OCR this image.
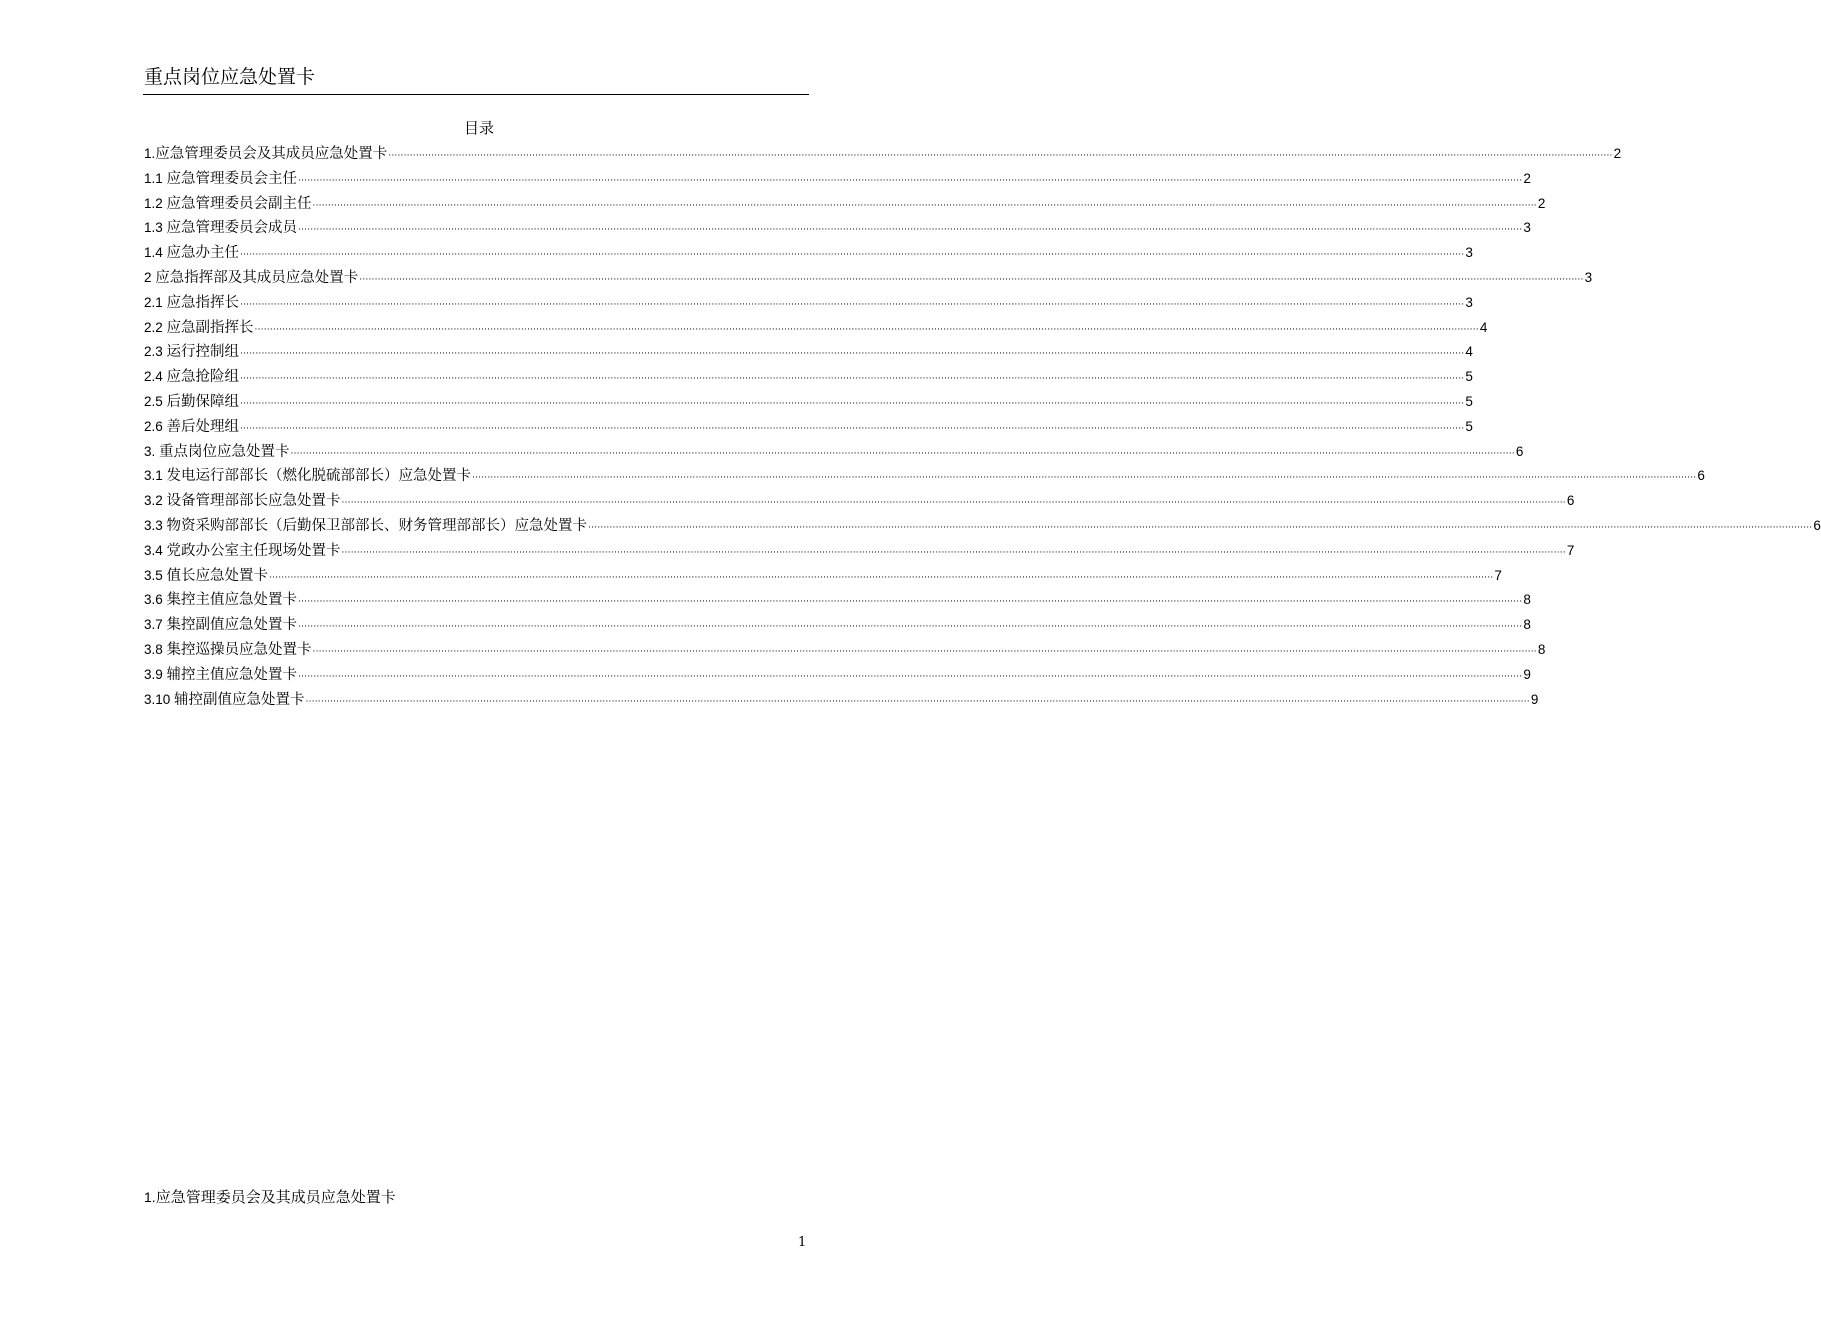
重点岗位应急处置卡
目录
1.应急管理委员会及其成员应急处置卡 ················································································································································································································································································································································································································ 2
1.1 应急管理委员会主任 ················································································································································································································································································································································································································ 2
1.2 应急管理委员会副主任 ················································································································································································································································································································································································································ 2
1.3 应急管理委员会成员 ················································································································································································································································································································································································································ 3
1.4 应急办主任 ················································································································································································································································································································································································································ 3
2 应急指挥部及其成员应急处置卡 ················································································································································································································································································································································································································ 3
2.1 应急指挥长 ················································································································································································································································································································································································································ 3
2.2 应急副指挥长 ················································································································································································································································································································································································································ 4
2.3 运行控制组 ················································································································································································································································································································································································································ 4
2.4 应急抢险组 ················································································································································································································································································································································································································ 5
2.5 后勤保障组 ················································································································································································································································································································································································································ 5
2.6 善后处理组 ················································································································································································································································································································································································································ 5
3. 重点岗位应急处置卡 ················································································································································································································································································································································································································ 6
3.1 发电运行部部长（燃化脱硫部部长）应急处置卡 ················································································································································································································································································································································································································ 6
3.2 设备管理部部长应急处置卡 ················································································································································································································································································································································································································ 6
3.3 物资采购部部长（后勤保卫部部长、财务管理部部长）应急处置卡 ················································································································································································································································································································································································································ 6
3.4 党政办公室主任现场处置卡 ················································································································································································································································································································································································································ 7
3.5 值长应急处置卡 ················································································································································································································································································································································································································ 7
3.6 集控主值应急处置卡 ················································································································································································································································································································································································································ 8
3.7 集控副值应急处置卡 ················································································································································································································································································································································································································ 8
3.8 集控巡操员应急处置卡 ················································································································································································································································································································································································································ 8
3.9 辅控主值应急处置卡 ················································································································································································································································································································································································································ 9
3.10 辅控副值应急处置卡 ················································································································································································································································································································································································································ 9
1.应急管理委员会及其成员应急处置卡
1
